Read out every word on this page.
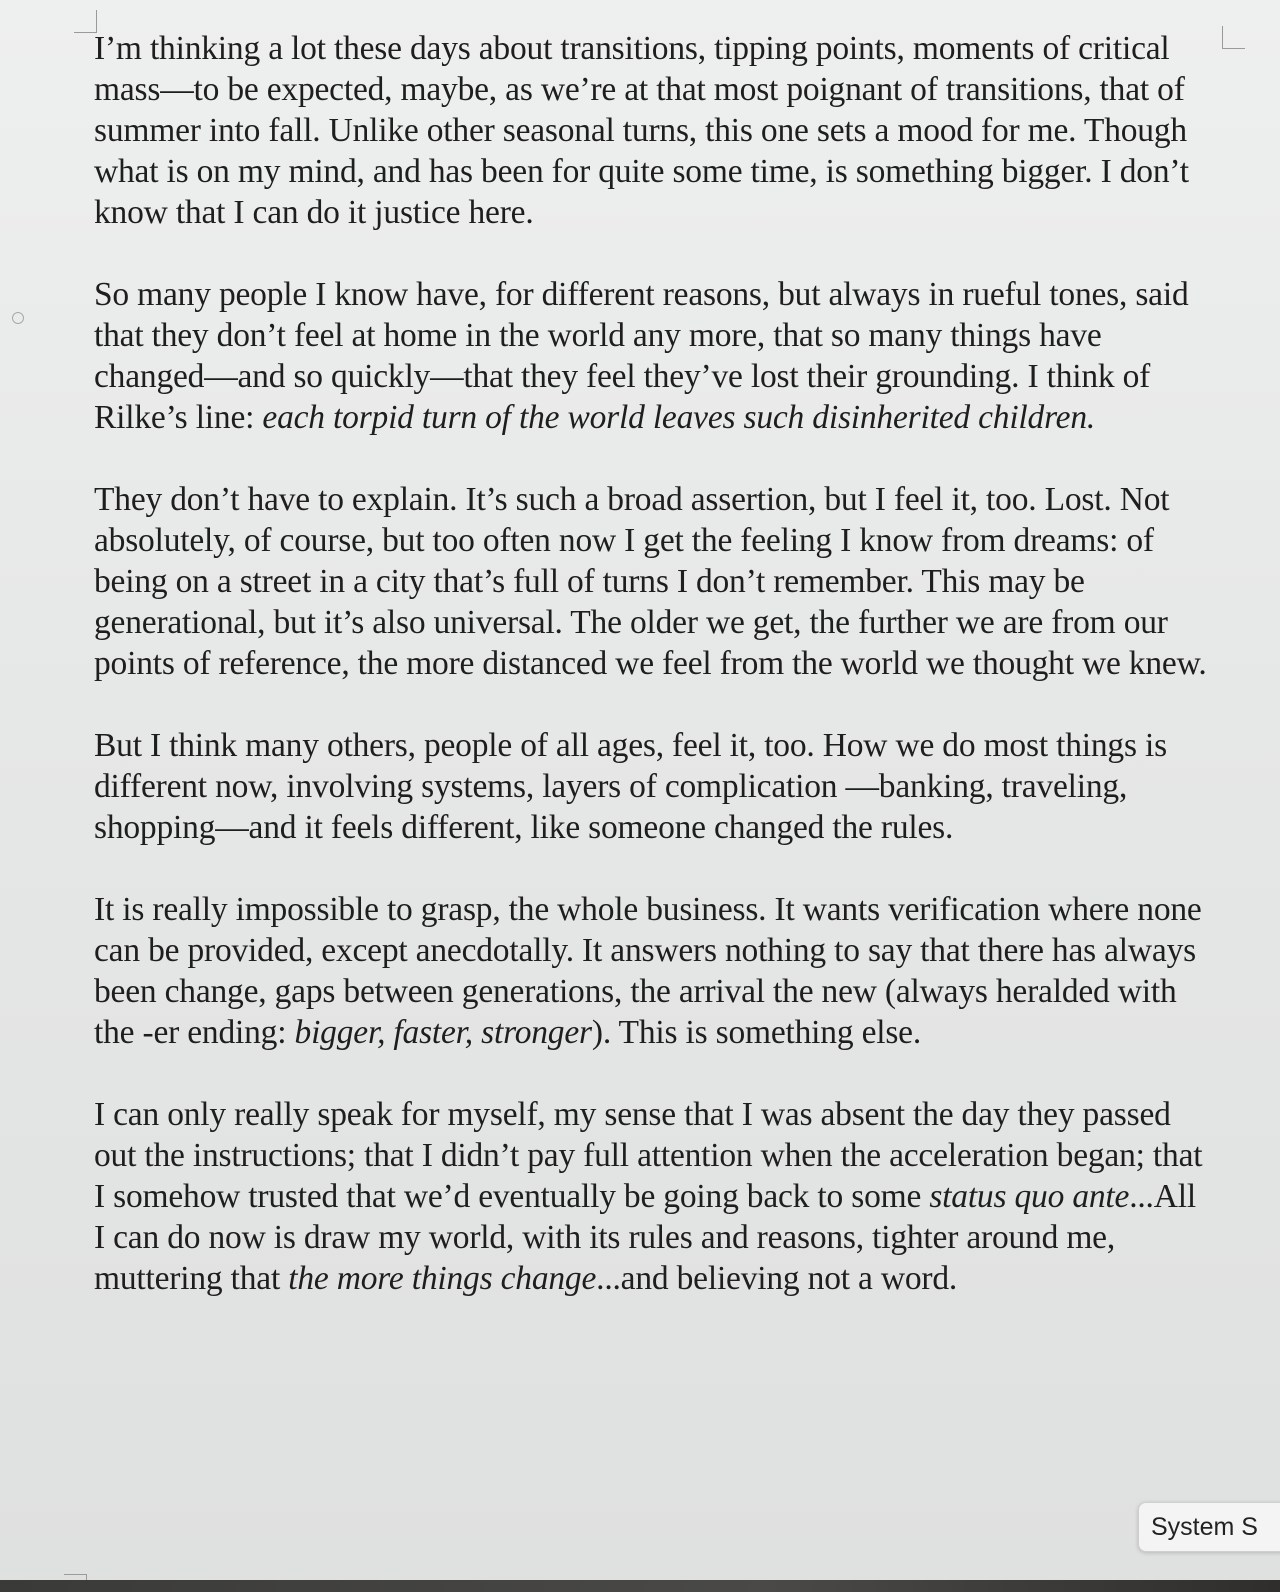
I’m thinking a lot these days about transitions, tipping points, moments of critical mass—to be expected, maybe, as we’re at that most poignant of transitions, that of summer into fall. Unlike other seasonal turns, this one sets a mood for me. Though what is on my mind, and has been for quite some time, is something bigger. I don’t know that I can do it justice here.

So many people I know have, for different reasons, but always in rueful tones, said that they don’t feel at home in the world any more, that so many things have changed—and so quickly—that they feel they’ve lost their grounding. I think of Rilke’s line: each torpid turn of the world leaves such disinherited children.

They don’t have to explain. It’s such a broad assertion, but I feel it, too. Lost. Not absolutely, of course, but too often now I get the feeling I know from dreams: of being on a street in a city that’s full of turns I don’t remember. This may be generational, but it’s also universal. The older we get, the further we are from our points of reference, the more distanced we feel from the world we thought we knew.

But I think many others, people of all ages, feel it, too. How we do most things is different now, involving systems, layers of complication —banking, traveling, shopping—and it feels different, like someone changed the rules.

It is really impossible to grasp, the whole business. It wants verification where none can be provided, except anecdotally. It answers nothing to say that there has always been change, gaps between generations, the arrival the new (always heralded with the -er ending: bigger, faster, stronger). This is something else.

I can only really speak for myself, my sense that I was absent the day they passed out the instructions; that I didn’t pay full attention when the acceleration began; that I somehow trusted that we’d eventually be going back to some status quo ante...All I can do now is draw my world, with its rules and reasons, tighter around me, muttering that the more things change...and believing not a word.

System S
